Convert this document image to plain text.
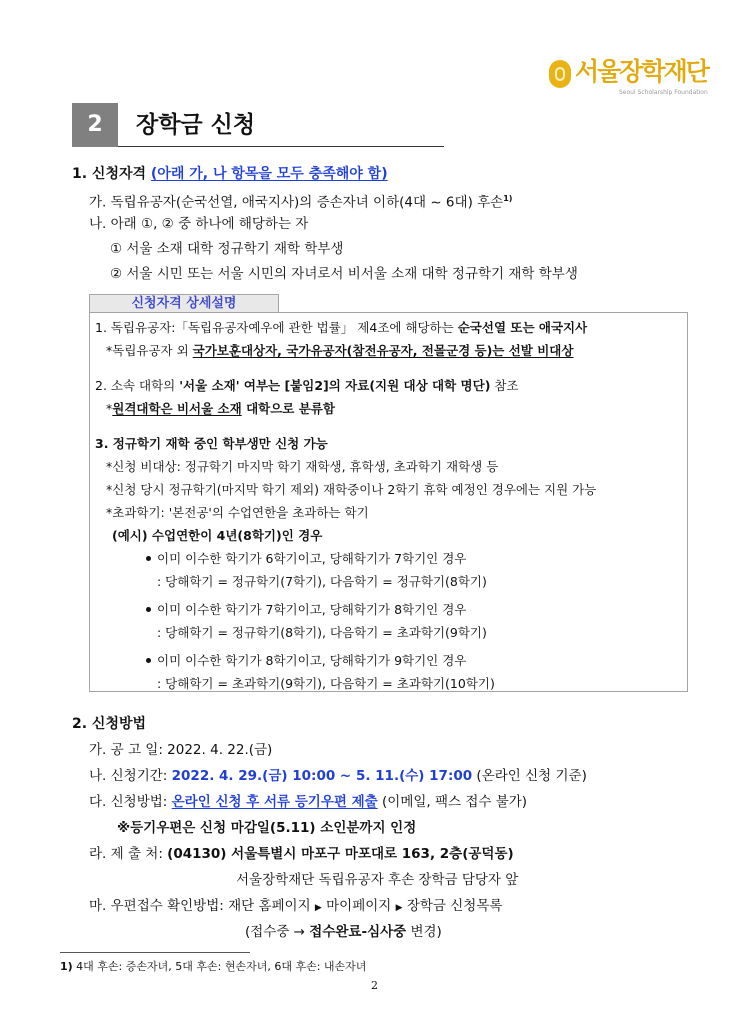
서울장학재단
Seoul Scholarship Foundation
2	장학금 신청
1. 신청자격 (아래 가, 나 항목을 모두 충족해야 함)
가. 독립유공자(순국선열, 애국지사)의 증손자녀 이하(4대 ~ 6대) 후손$^{1)}$
나. 아래 ①, ② 중 하나에 해당하는 자
① 서울 소재 대학 정규학기 재학 학부생
② 서울 시민 또는 서울 시민의 자녀로서 비서울 소재 대학 정규학기 재학 학부생
신청자격 상세설명
1. 독립유공자:「독립유공자예우에 관한 법률」 제4조에 해당하는 순국선열 또는 애국지사
*독립유공자 외 국가보훈대상자, 국가유공자(참전유공자, 전몰군경 등)는 선발 비대상
2. 소속 대학의 '서울 소재' 여부는 [붙임2]의 자료(지원 대상 대학 명단) 참조
*원격대학은 비서울 소재 대학으로 분류함
3. 정규학기 재학 중인 학부생만 신청 가능
*신청 비대상: 정규학기 마지막 학기 재학생, 휴학생, 초과학기 재학생 등
*신청 당시 정규학기(마지막 학기 제외) 재학중이나 2학기 휴학 예정인 경우에는 지원 가능
*초과학기: '본전공'의 수업연한을 초과하는 학기
(예시) 수업연한이 4년(8학기)인 경우
이미 이수한 학기가 6학기이고, 당해학기가 7학기인 경우
: 당해학기 = 정규학기(7학기), 다음학기 = 정규학기(8학기)
이미 이수한 학기가 7학기이고, 당해학기가 8학기인 경우
: 당해학기 = 정규학기(8학기), 다음학기 = 초과학기(9학기)
이미 이수한 학기가 8학기이고, 당해학기가 9학기인 경우
: 당해학기 = 초과학기(9학기), 다음학기 = 초과학기(10학기)
2. 신청방법
가. 공 고 일: 2022. 4. 22.(금)
나. 신청기간: 2022. 4. 29.(금) 10:00 ~ 5. 11.(수) 17:00 (온라인 신청 기준)
다. 신청방법: 온라인 신청 후 서류 등기우편 제출 (이메일, 팩스 접수 불가)
※등기우편은 신청 마감일(5.11) 소인분까지 인정
라. 제 출 처: (04130) 서울특별시 마포구 마포대로 163, 2층(공덕동)
서울장학재단 독립유공자 후손 장학금 담당자 앞
마. 우편접수 확인방법: 재단 홈페이지 ▶ 마이페이지 ▶ 장학금 신청목록
(접수중 → 접수완료-심사중 변경)
1) 4대 후손: 증손자녀, 5대 후손: 현손자녀, 6대 후손: 내손자녀
2
